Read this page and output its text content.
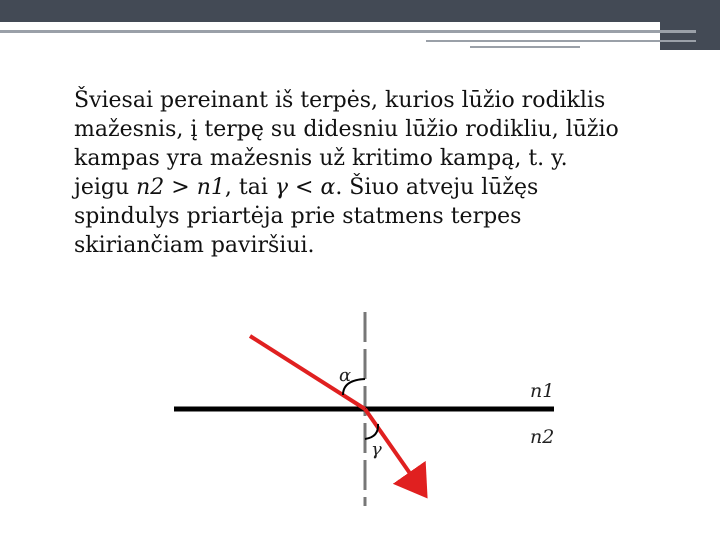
Šviesai pereinant iš terpės, kurios lūžio rodiklis
mažesnis, į terpę su didesniu lūžio rodikliu, lūžio
kampas yra mažesnis už kritimo kampą, t. y.
jeigu n2 > n1, tai γ < α. Šiuo atveju lūžęs
spindulys priartėja prie statmens terpes
skiriančiam paviršiui.
α
γ
n1
n2
